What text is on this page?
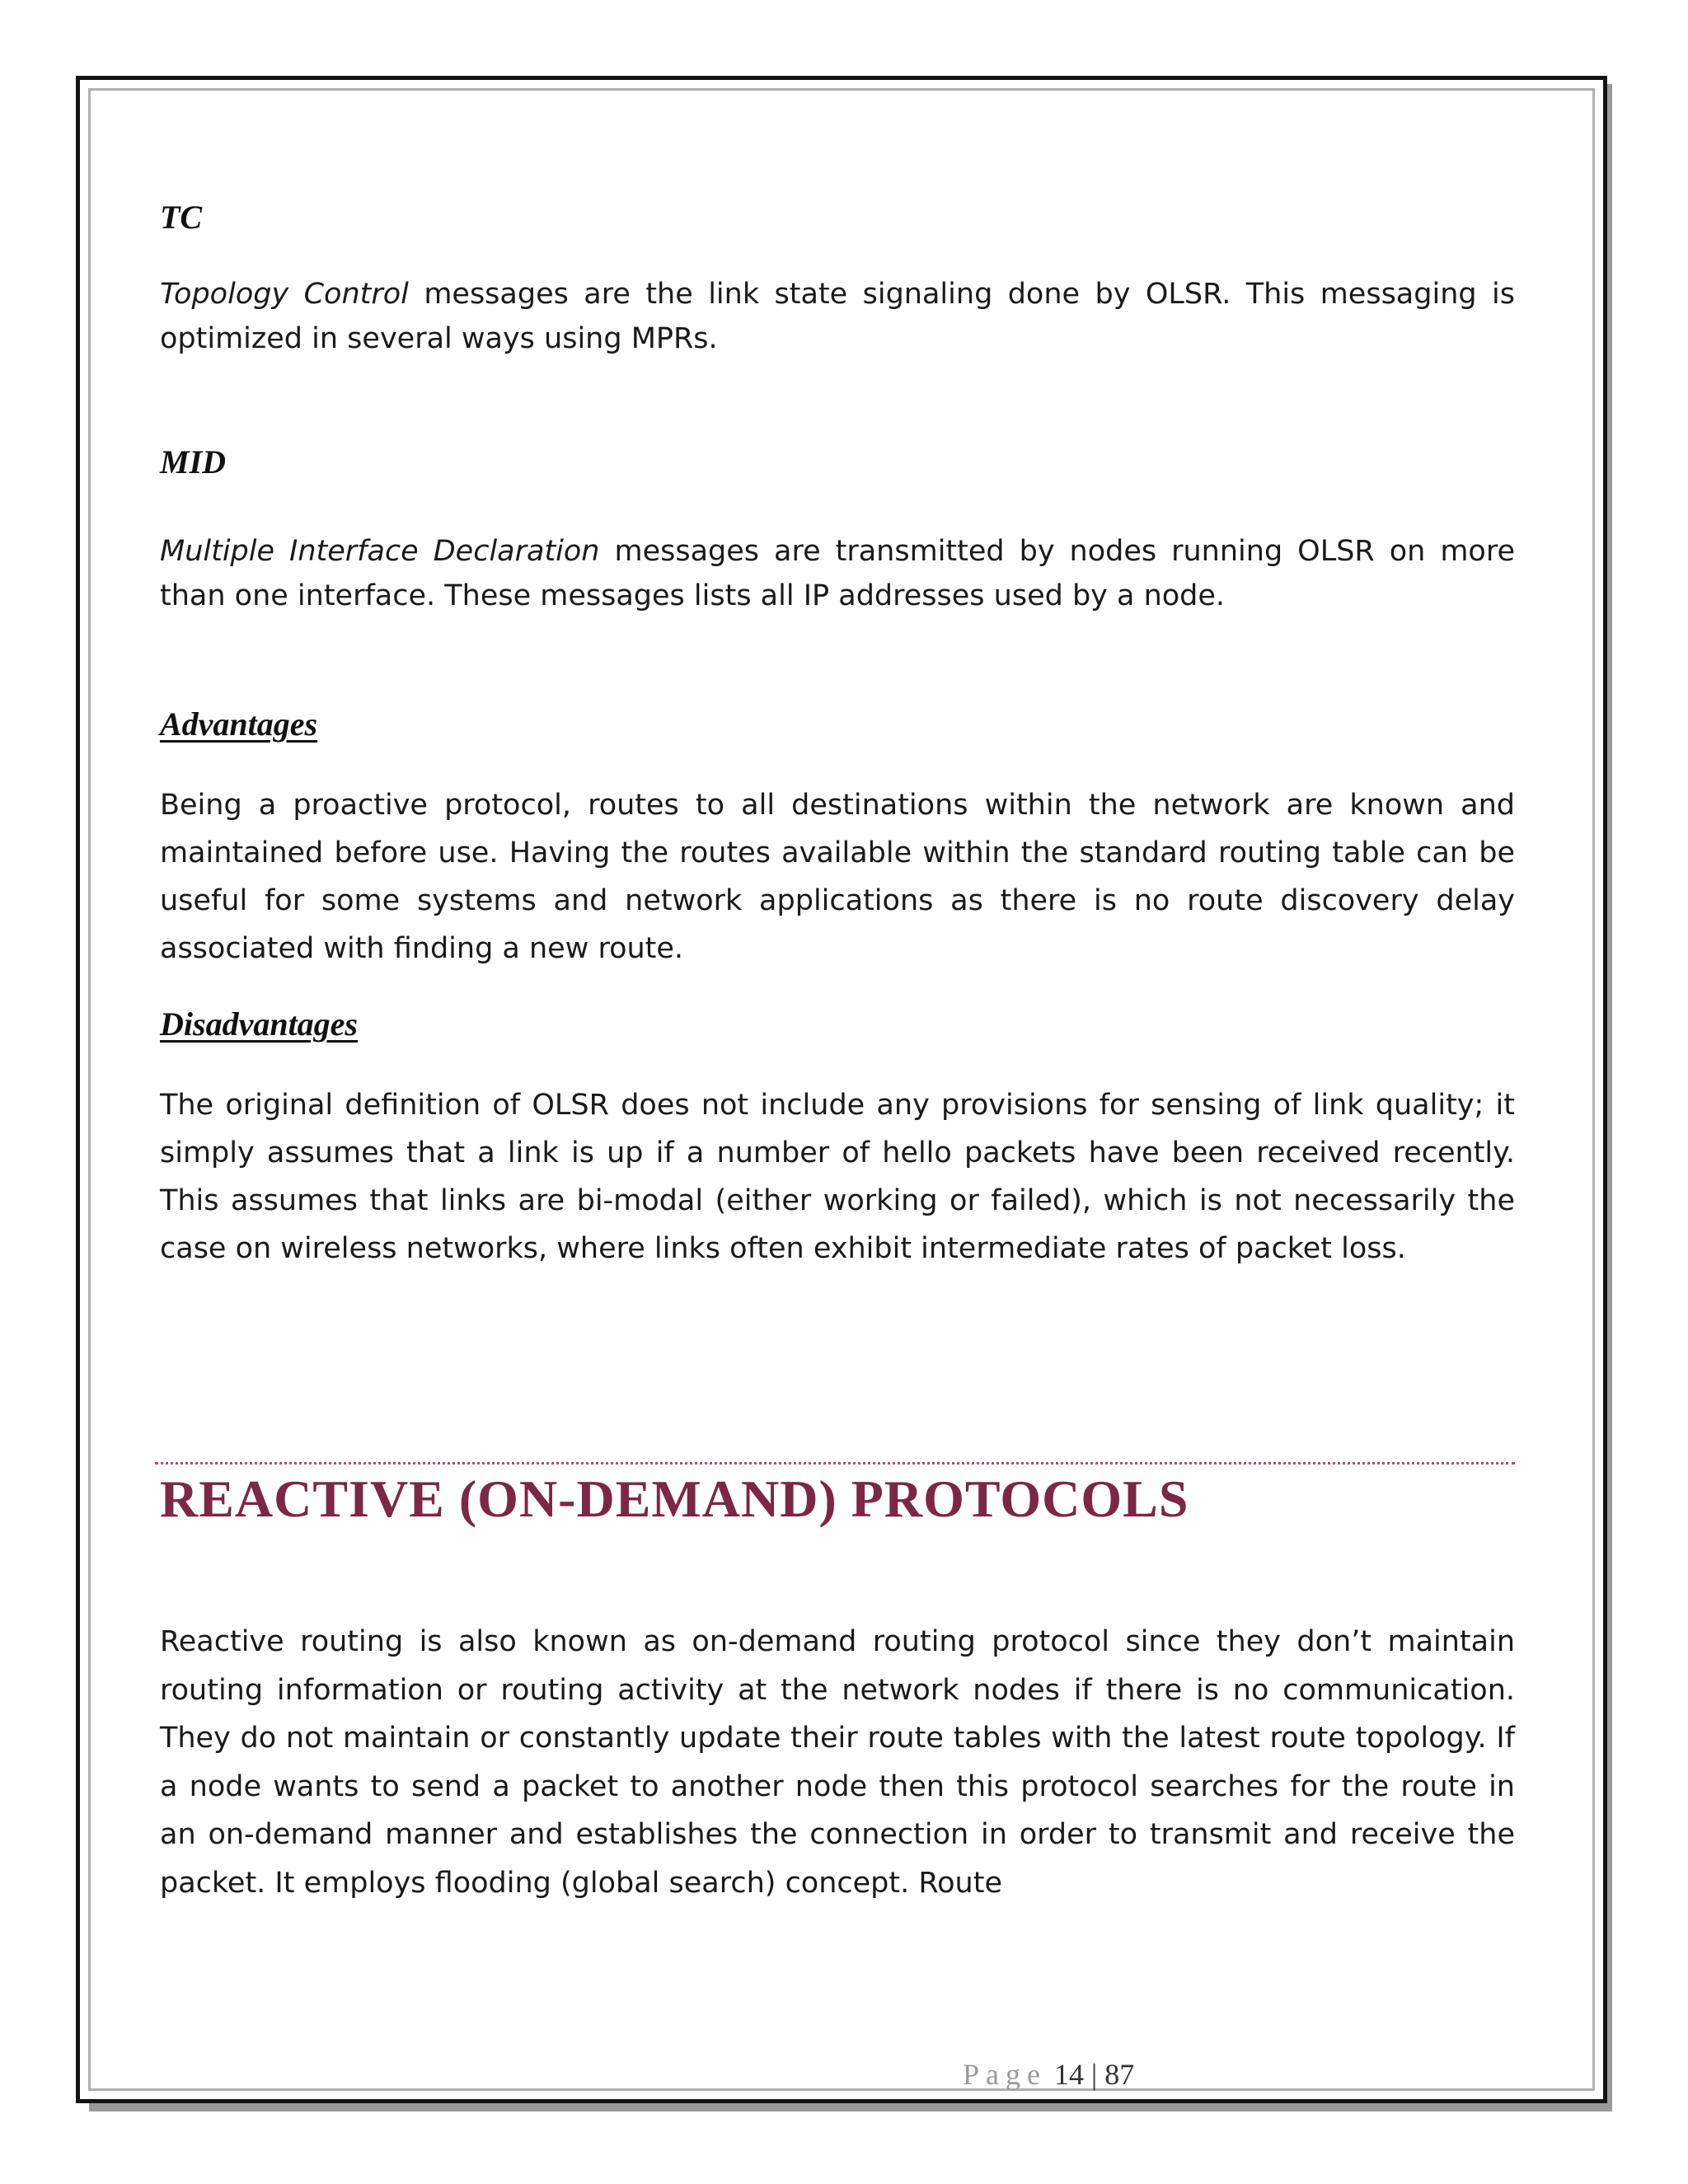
TC
Topology Control messages are the link state signaling done by OLSR. This messaging is optimized in several ways using MPRs.
MID
Multiple Interface Declaration messages are transmitted by nodes running OLSR on more than one interface. These messages lists all IP addresses used by a node.
Advantages
Being a proactive protocol, routes to all destinations within the network are known and maintained before use. Having the routes available within the standard routing table can be useful for some systems and network applications as there is no route discovery delay associated with finding a new route.
Disadvantages
The original definition of OLSR does not include any provisions for sensing of link quality; it simply assumes that a link is up if a number of hello packets have been received recently. This assumes that links are bi-modal (either working or failed), which is not necessarily the case on wireless networks, where links often exhibit intermediate rates of packet loss.
REACTIVE (ON-DEMAND) PROTOCOLS
Reactive routing is also known as on-demand routing protocol since they don’t maintain routing information or routing activity at the network nodes if there is no communication. They do not maintain or constantly update their route tables with the latest route topology. If a node wants to send a packet to another node then this protocol searches for the route in an on-demand manner and establishes the connection in order to transmit and receive the packet. It employs flooding (global search) concept. Route
Page 14 | 87
